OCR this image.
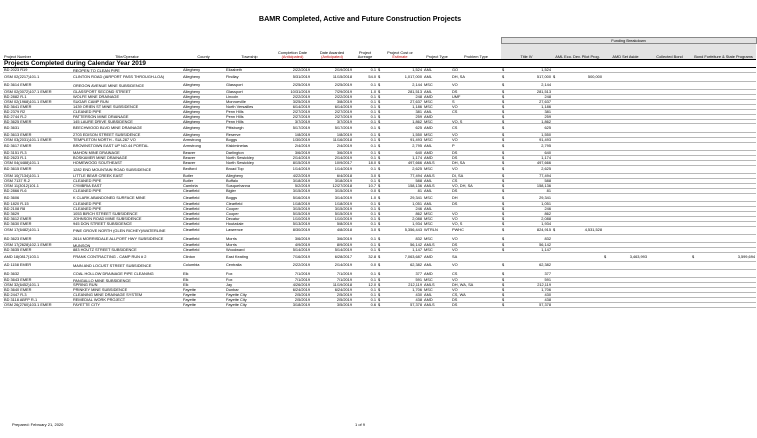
BAMR Completed, Active and Future Construction Projects
										Funding Breakdown				
Project Number	Title/Operator	County	Township	Completion Date
(Anticipated)	Date Awarded
(Anticipated)	Project Acreage	Project Cost or
Estimate	Project Type	Problem Type	Title IV	AML Eco. Dev. Pilot Prog.	AMD Set Aside	Collected Bond	Bond Forfeiture & State Programs
Projects Completed during Calendar Year 2019														
BD 2023 R19	REOPEN TO CLEAN PIPE	Allegheny	Elizabeth	2/22/2019	2/19/2019	0.1	$ 1,524	AML	GO	$ 1,524				
OSM 02(2217)101.1	CLINTON ROAD (AIRPORT PASS THROUGH-LOA)	Allegheny	Findlay	5/31/2019	11/15/2018	54.0	$ 1,017,000	AML	DH, SA	$ 517,000	$ 500,000			
BD 3614 EMER	OREGON AVENUE MINE SUBSIDENCE	Allegheny	Glassport	2/25/2019	2/25/2019	0.1	$ 2,144	MSC	VO	$ 2,144				
OSM 02(0072)107.1 EMER	GLASSPORT SECOND STREET	Allegheny	Glassport	10/31/2019	7/29/2019	1.0	$ 281,513	AML	DS	$ 281,513				
BD 2882 R-1	WOLFE MINE DRAINAGE	Allegheny	Lincoln	2/22/2019	2/22/2019	0.1	$ 248	AMD	UMF	$ 248				
OSM 02(1968)101.1 EMER	SUGAR CAMP RUN	Allegheny	Monroeville	3/25/2019	3/8/2019	0.1	$ 27,637	MSC	S	$ 27,637				
BD 3641 EMER	1439 ORIEN ST MINE SUBSIDENCE	Allegheny	North Versailles	6/14/2019	6/14/2019	0.1	$ 1,186	MSC	VO	$ 1,186				
BD 2379 R2	CLEANED PIPE	Allegheny	Penn Hills	2/27/2019	2/27/2019	0.1	$ 381	AML	CS	$ 381				
BD 2744 R-2	PATTERSON MINE DRAINAGE	Allegheny	Penn Hills	2/27/2019	2/27/2019	0.1	$ 259	AMD		$ 259				
BD 3625 EMER	145 LAURE DRIVE SUBSIDENCE	Allegheny	Penn Hills	3/7/2019	3/7/2019	0.1	$ 1,862	MSC	VO, S	$ 1,862				
BD 3631	BEECHWOOD BLVD MINE DRAINAGE	Allegheny	Pittsburgh	5/17/2019	5/17/2019	0.1	$ 625	AMD	CS	$ 625				
BD 3613 EMER	2703 EDISON STREET SUBSIDENCE	Allegheny	Reserve	1/8/2019	1/8/2019	0.1	$ 1,550	MSC	VO	$ 1,550				
OSM 03(2031)101.1 EMER	TEMPLETON NORTH - SUL287 VO	Armstrong	Boggs	1/30/2019	11/16/2018	0.1	$ 91,493	MSC	VO	$ 91,493				
BD 3617 EMER	BROWNSTOWN EAST UP NO.44 PORTAL	Armstrong	Kiskiminetas	2/4/2019	2/4/2019	0.1	$ 2,795	AML	P	$ 2,795				
BD 3151 R-3	MAHON MINE DRAINAGE	Beaver	Darlington	3/6/2019	3/6/2019	0.1	$ 640	AMD	DS	$ 640				
BD 2623 R-1	BOSKAMER MINE DRAINAGE	Beaver	North Sewickley	2/14/2019	2/14/2019	0.1	$ 1,174	AMD	DS	$ 1,174				
OSM 04(4488)101.1	HOMEWOOD SOUTHEAST	Beaver	North Sewickley	8/15/2019	10/9/2017	18.0	$ 497,666	AMLS	DH, SA	$ 497,666				
BD 3615 EMER	1282 END MOUNTAIN ROAD SUBSIDENCE	Bedford	Broad Top	1/14/2019	1/14/2019	0.1	$ 2,625	MSC	VO	$ 2,625				
OSM 10(7134)101.1	LITTLE BEAR CREEK EAST	Butler	Allegheny	4/22/2019	6/4/2018	3.0	$ 77,494	AMLS	DI, SA	$ 77,494				
OSM 7137 R-2	CLEANED PIPE	Butler	Buffalo	3/18/2019	3/18/2019	0.1	$ 588	AML	CS	$ 588				
OSM 11(3012)101.1	CYMBRIA EAST	Cambria	Susquehanna	5/2/2019	12/27/2018	10.7	$ 158,136	AMLS	VO, DH, SA	$ 158,136				
BD 2866 R-6	CLEANED PIPE	Clearfield	Bigler	3/15/2019	3/15/2019	0.0	$ 81	AML	DS	$ 81				
BD 3606	K CLARK ABANDONED SURFACE MINE	Clearfield	Boggs	5/16/2019	3/14/2019	1.0	$ 29,341	MSC	DH	$ 29,341				
BD 1820 R-15	CLEANED PIPE	Clearfield	Clearfield	1/18/2019	1/18/2019	0.1	$ 1,051	AML	DS	$ 1,051				
BD 2108 R8	CLEANED PIPE	Clearfield	Cooper	3/15/2019	3/15/2019	0.1	$ 246	AML		$ 246				
BD 3629	1053 BIRCH STREET SUBSIDENCE	Clearfield	Cooper	5/15/2019	5/15/2019	0.1	$ 862	MSC	VO	$ 862				
BD 3612 EMER	JOHNSON ROAD MINE SUBSIDENCE	Clearfield	Decatur	1/10/2019	1/10/2019	0.1	$ 2,088	MSC	VO	$ 2,088				
BD 3630 EMER	945 DON STREET SUBSIDENCE	Clearfield	Houtzdale	5/13/2019	5/8/2019	0.1	$ 1,934	MSC	VO, S	$ 1,934				
OSM 17(6482)101.1	PINE GROVE NORTH (GLEN RICHEY)/WATERLINE	Clearfield	Lawrence	8/30/2019	4/8/2018	3.0	$ 5,356,443	WTRLN	PWHC	$ 824,915	$ 4,531,528			
BD 3623 EMER	2614 MORRISDALE ALLPORT HWY SUBSIDENCE	Clearfield	Morris	3/6/2019	3/6/2019	0.1	$ 832	MSC	VO	$ 832				
OSM 17(2628)102.1 EMER	MUNSON	Clearfield	Morris	4/9/2019	8/9/2019	0.1	$ 56,142	AMLS	DS	$ 56,142				
BD 3635 EMER	883 HOUTZ STREET SUBSIDENCE	Clearfield	Woodward	5/14/2019	5/14/2019	0.1	$ 1,147	MSC	VO	$ 1,147				
AMD 18(0817)103.1	FRANK CONTRACTING - CAMP RUN # 2	Clinton	East Keating	7/16/2019	6/28/2017	32.8	$ 7,063,687	AMD	SA			$ 3,463,993		$ 3,599,694
AD 1158 EMER	MAIN AND LOCUST STREET SUBSIDENCE	Columbia	Centralia	2/22/2019	2/14/2019	0.0	$ 62,382	AML	VO	$ 62,382				
BD 3632	COAL HOLLOW DRAINAGE PIPE CLEANING	Elk	Fox	7/1/2019	7/1/2019	0.1	$ 377	AMD	CS	$ 377				
BD 3643 EMER	PANGALLO MINE SUBSIDENCE	Elk	Fox	7/1/2019	7/1/2019	0.1	$ 591	MSC	VO	$ 591				
OSM 32(6452)101.1	SPRING RUN	Elk	Jay	4/26/2019	11/19/2018	12.0	$ 212,119	AMLS	DH, WA, SA	$ 212,119				
BD 3640 EMER	PRINKEY MINE SUBSIDENCE	Fayette	Dunbar	6/24/2019	6/24/2019	0.1	$ 1,706	MSC	VO	$ 1,706				
BD 2447 R-3	CLEANING MINE DRAINAGE SYSTEM	Fayette	Fayette City	2/5/2019	2/5/2019	0.1	$ 430	AML	CS, WA	$ 430				
BD 3118 ABFP R-1	REMEDIAL WORK PROJECT	Fayette	Fayette City	2/5/2019	2/5/2019	0.1	$ 438	AMD	DS	$ 438				
OSM 26(2760)103.1 EMER	FAYETTE CITY	Fayette	Fayette City	3/18/2019	3/5/2019	0.6	$ 57,378	AMLS	DS	$ 57,378				
Prepared: February 21, 2020	1 of 9
